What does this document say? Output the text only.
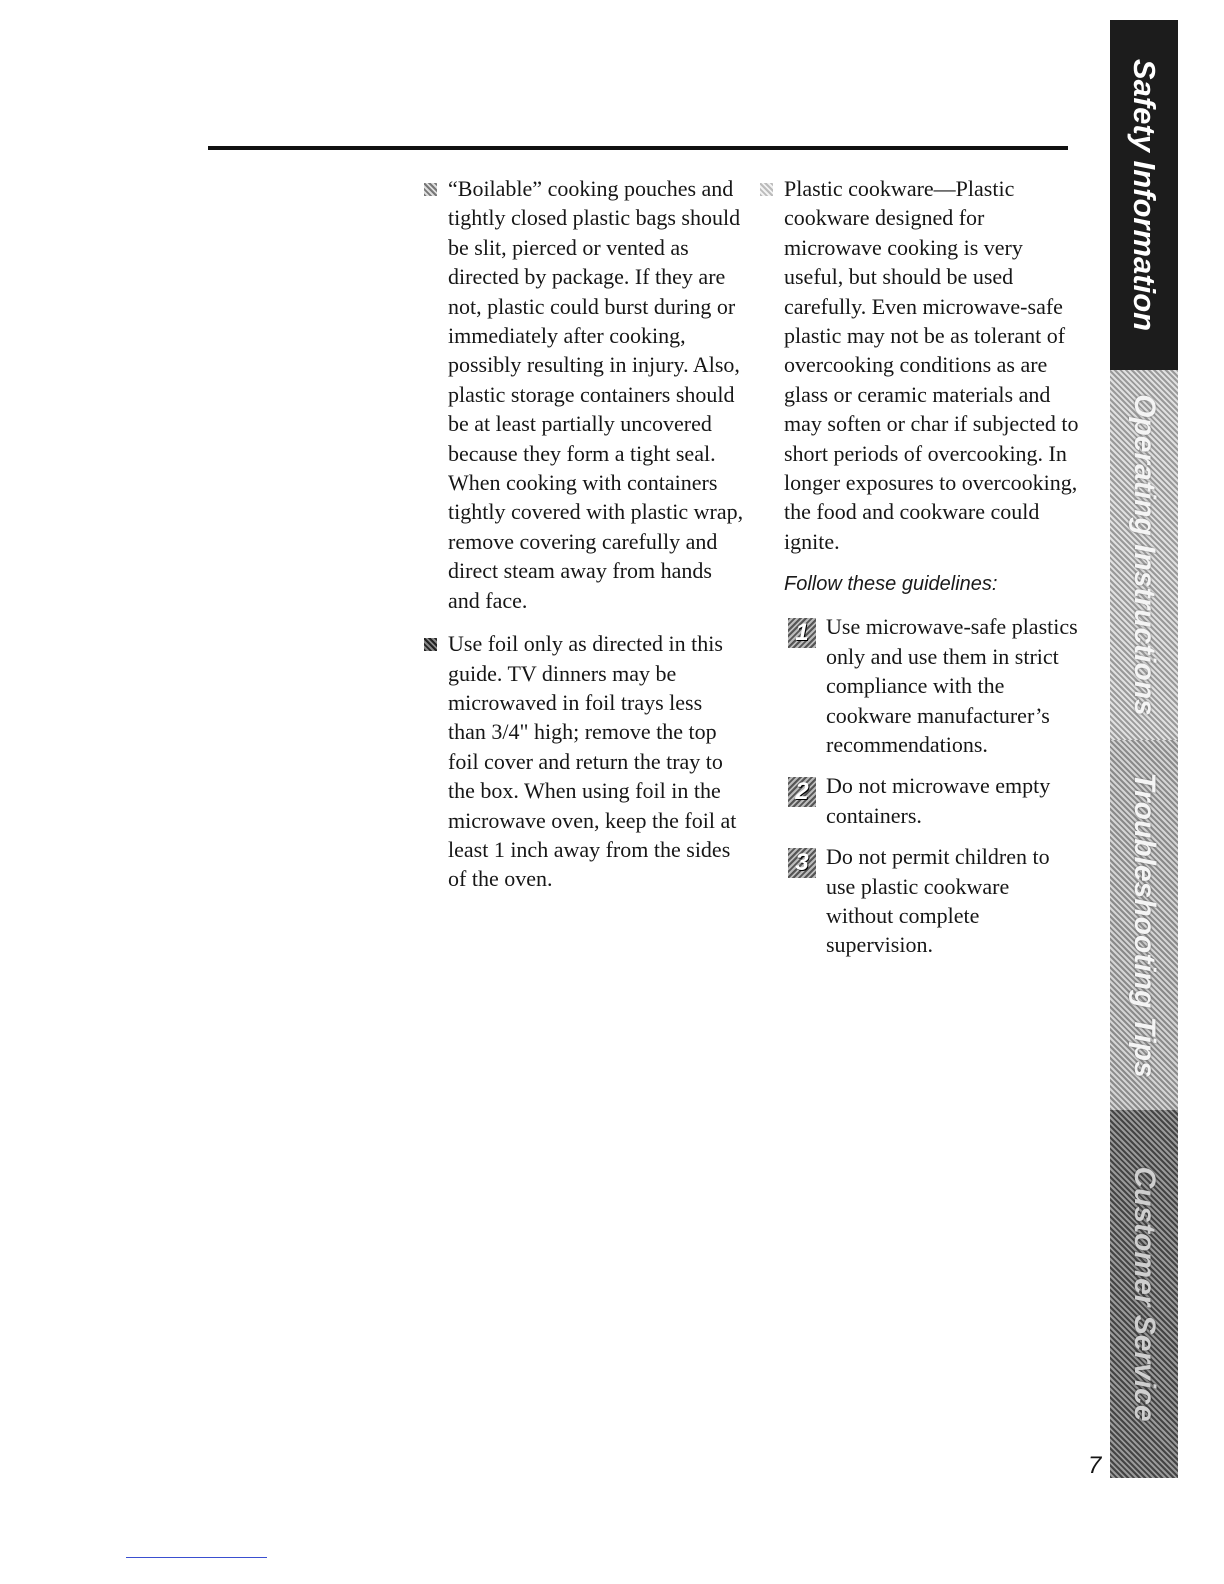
“Boilable” cooking pouches and tightly closed plastic bags should be slit, pierced or vented as directed by package. If they are not, plastic could burst during or immediately after cooking, possibly resulting in injury. Also, plastic storage containers should be at least partially uncovered because they form a tight seal. When cooking with containers tightly covered with plastic wrap, remove covering carefully and direct steam away from hands and face.
Use foil only as directed in this guide. TV dinners may be microwaved in foil trays less than 3/4" high; remove the top foil cover and return the tray to the box. When using foil in the microwave oven, keep the foil at least 1 inch away from the sides of the oven.
Plastic cookware—Plastic cookware designed for microwave cooking is very useful, but should be used carefully. Even microwave-safe plastic may not be as tolerant of overcooking conditions as are glass or ceramic materials and may soften or char if subjected to short periods of overcooking. In longer exposures to overcooking, the food and cookware could ignite.
Follow these guidelines:
1 Use microwave-safe plastics only and use them in strict compliance with the cookware manufacturer’s recommendations.
2 Do not microwave empty containers.
3 Do not permit children to use plastic cookware without complete supervision.
Safety Information
Operating Instructions
Troubleshooting Tips
Customer Service
7
